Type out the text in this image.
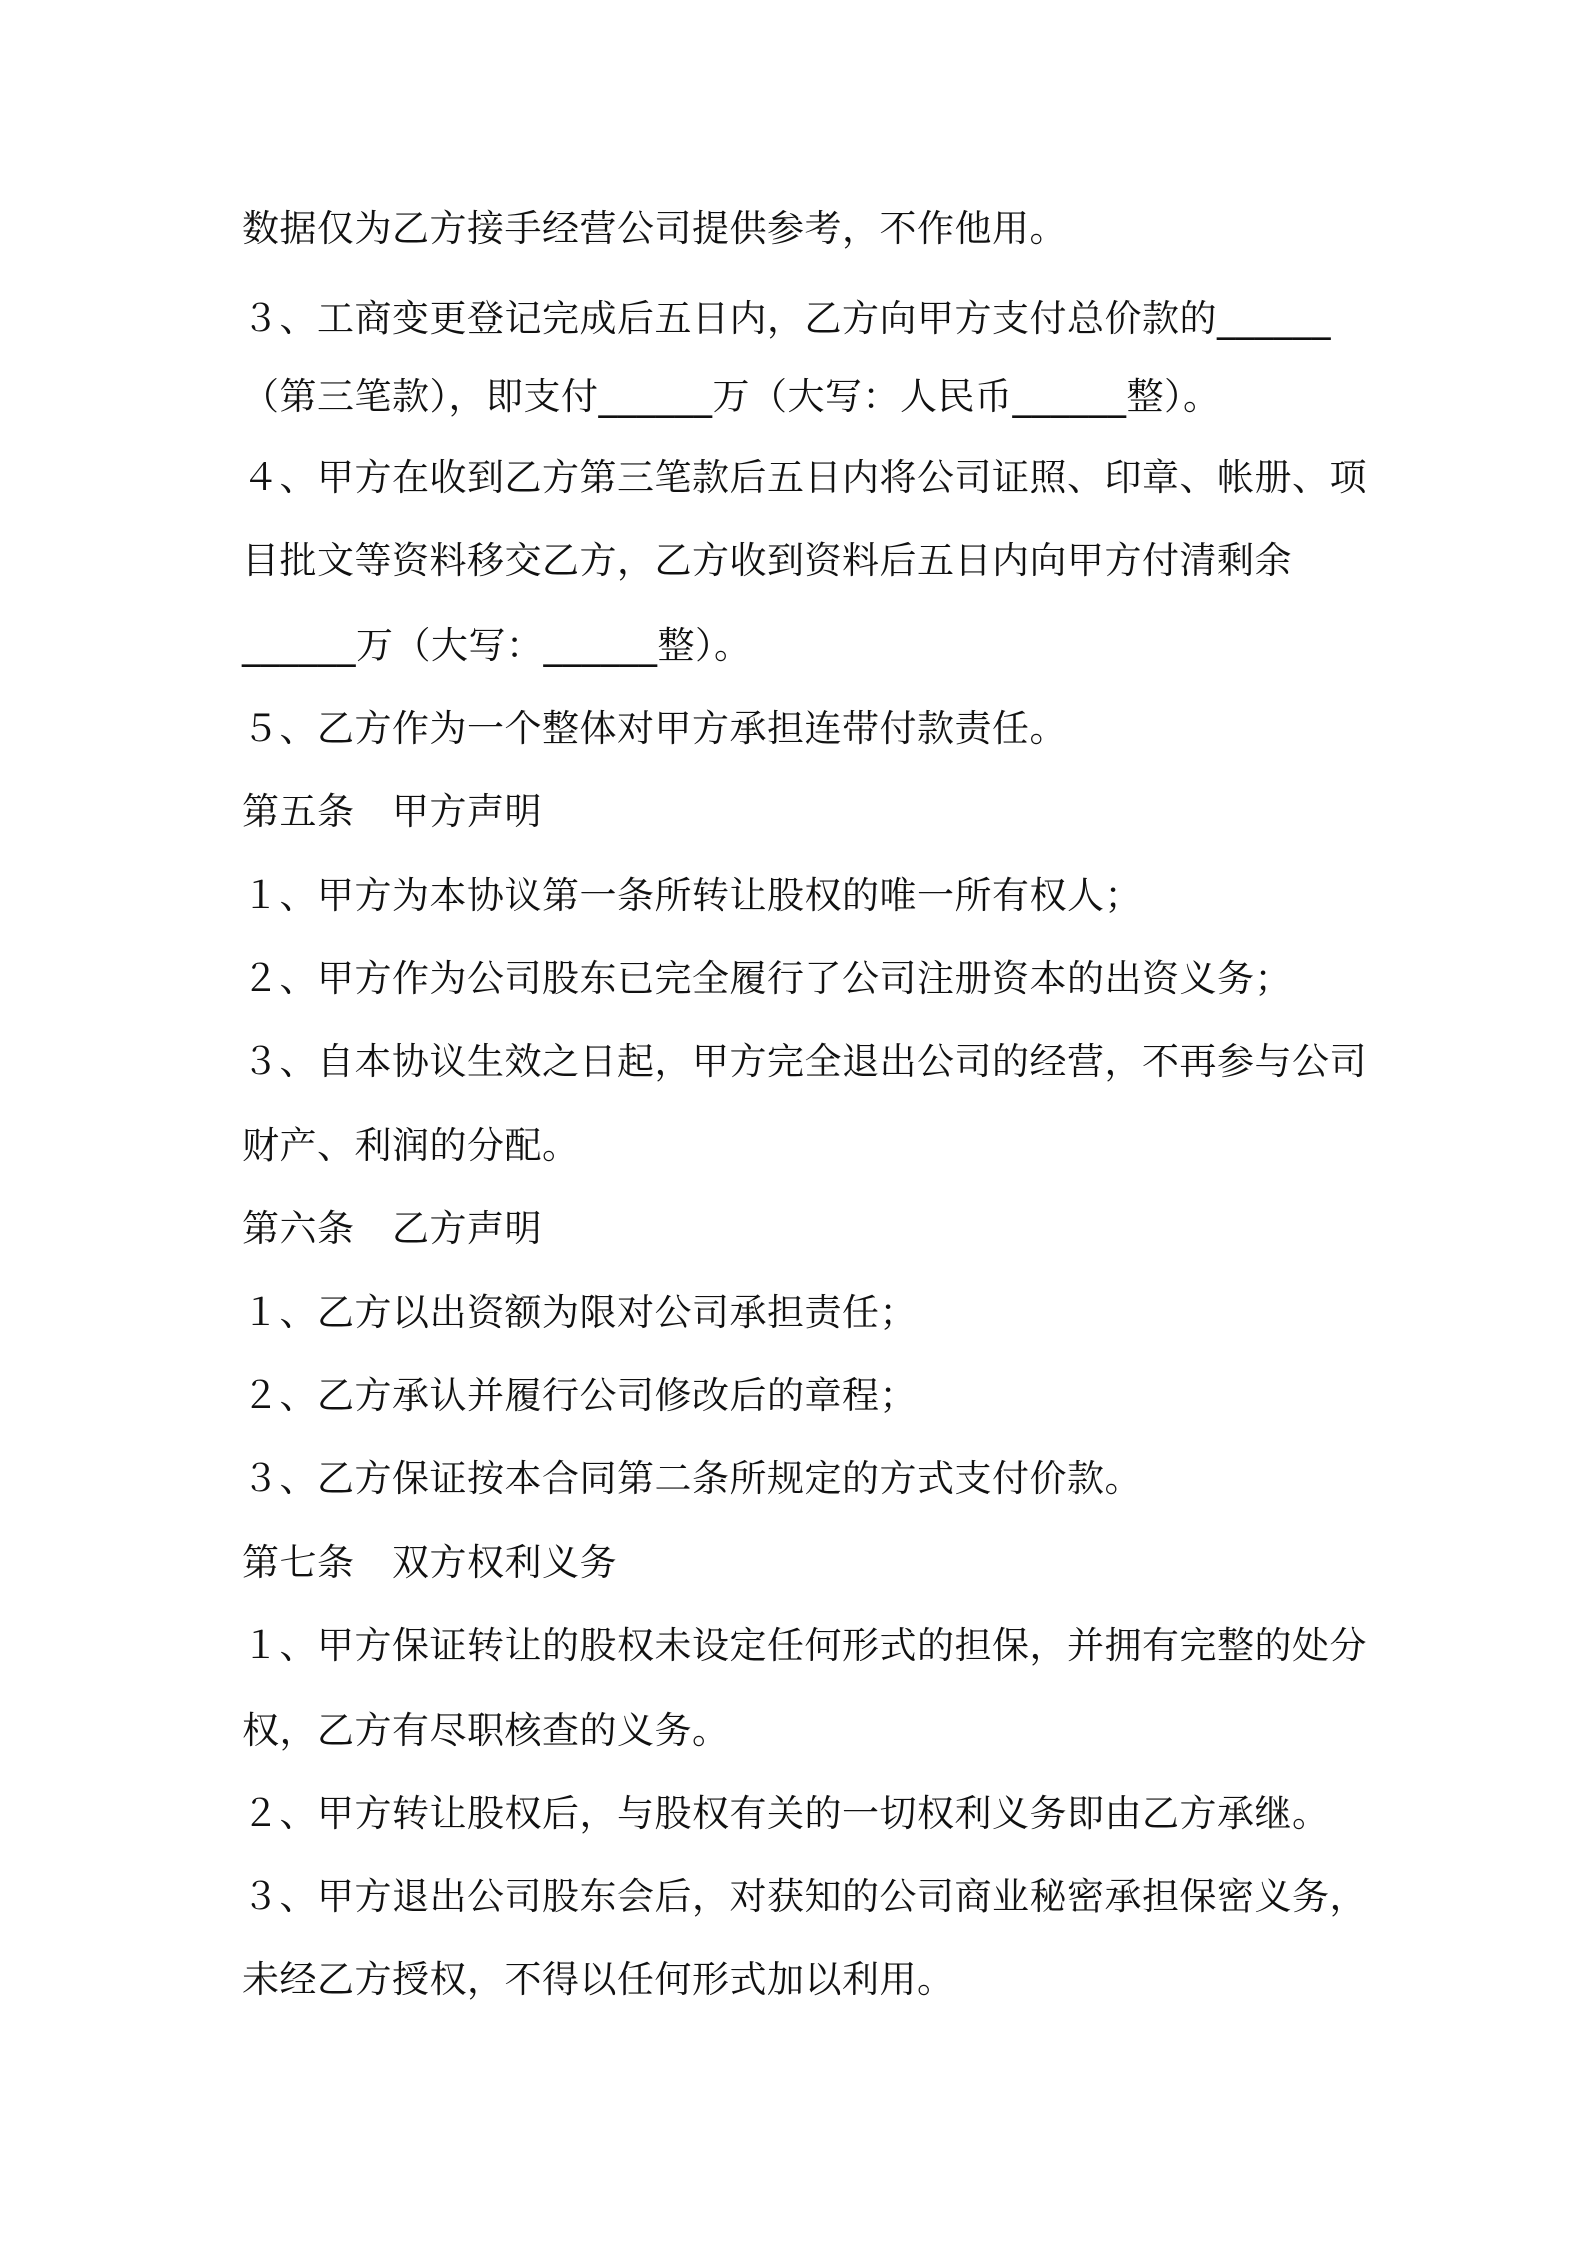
数据仅为乙方接手经营公司提供参考，不作他用。
３、工商变更登记完成后五日内，乙方向甲方支付总价款的______
（第三笔款），即支付______万（大写：人民币______整）。
４、甲方在收到乙方第三笔款后五日内将公司证照、印章、帐册、项
目批文等资料移交乙方，乙方收到资料后五日内向甲方付清剩余
______万（大写：______整）。
５、乙方作为一个整体对甲方承担连带付款责任。
第五条　甲方声明
１、甲方为本协议第一条所转让股权的唯一所有权人；
２、甲方作为公司股东已完全履行了公司注册资本的出资义务；
３、自本协议生效之日起，甲方完全退出公司的经营，不再参与公司
财产、利润的分配。
第六条　乙方声明
１、乙方以出资额为限对公司承担责任；
２、乙方承认并履行公司修改后的章程；
３、乙方保证按本合同第二条所规定的方式支付价款。
第七条　双方权利义务
１、甲方保证转让的股权未设定任何形式的担保，并拥有完整的处分
权，乙方有尽职核查的义务。
２、甲方转让股权后，与股权有关的一切权利义务即由乙方承继。
３、甲方退出公司股东会后，对获知的公司商业秘密承担保密义务，
未经乙方授权，不得以任何形式加以利用。
